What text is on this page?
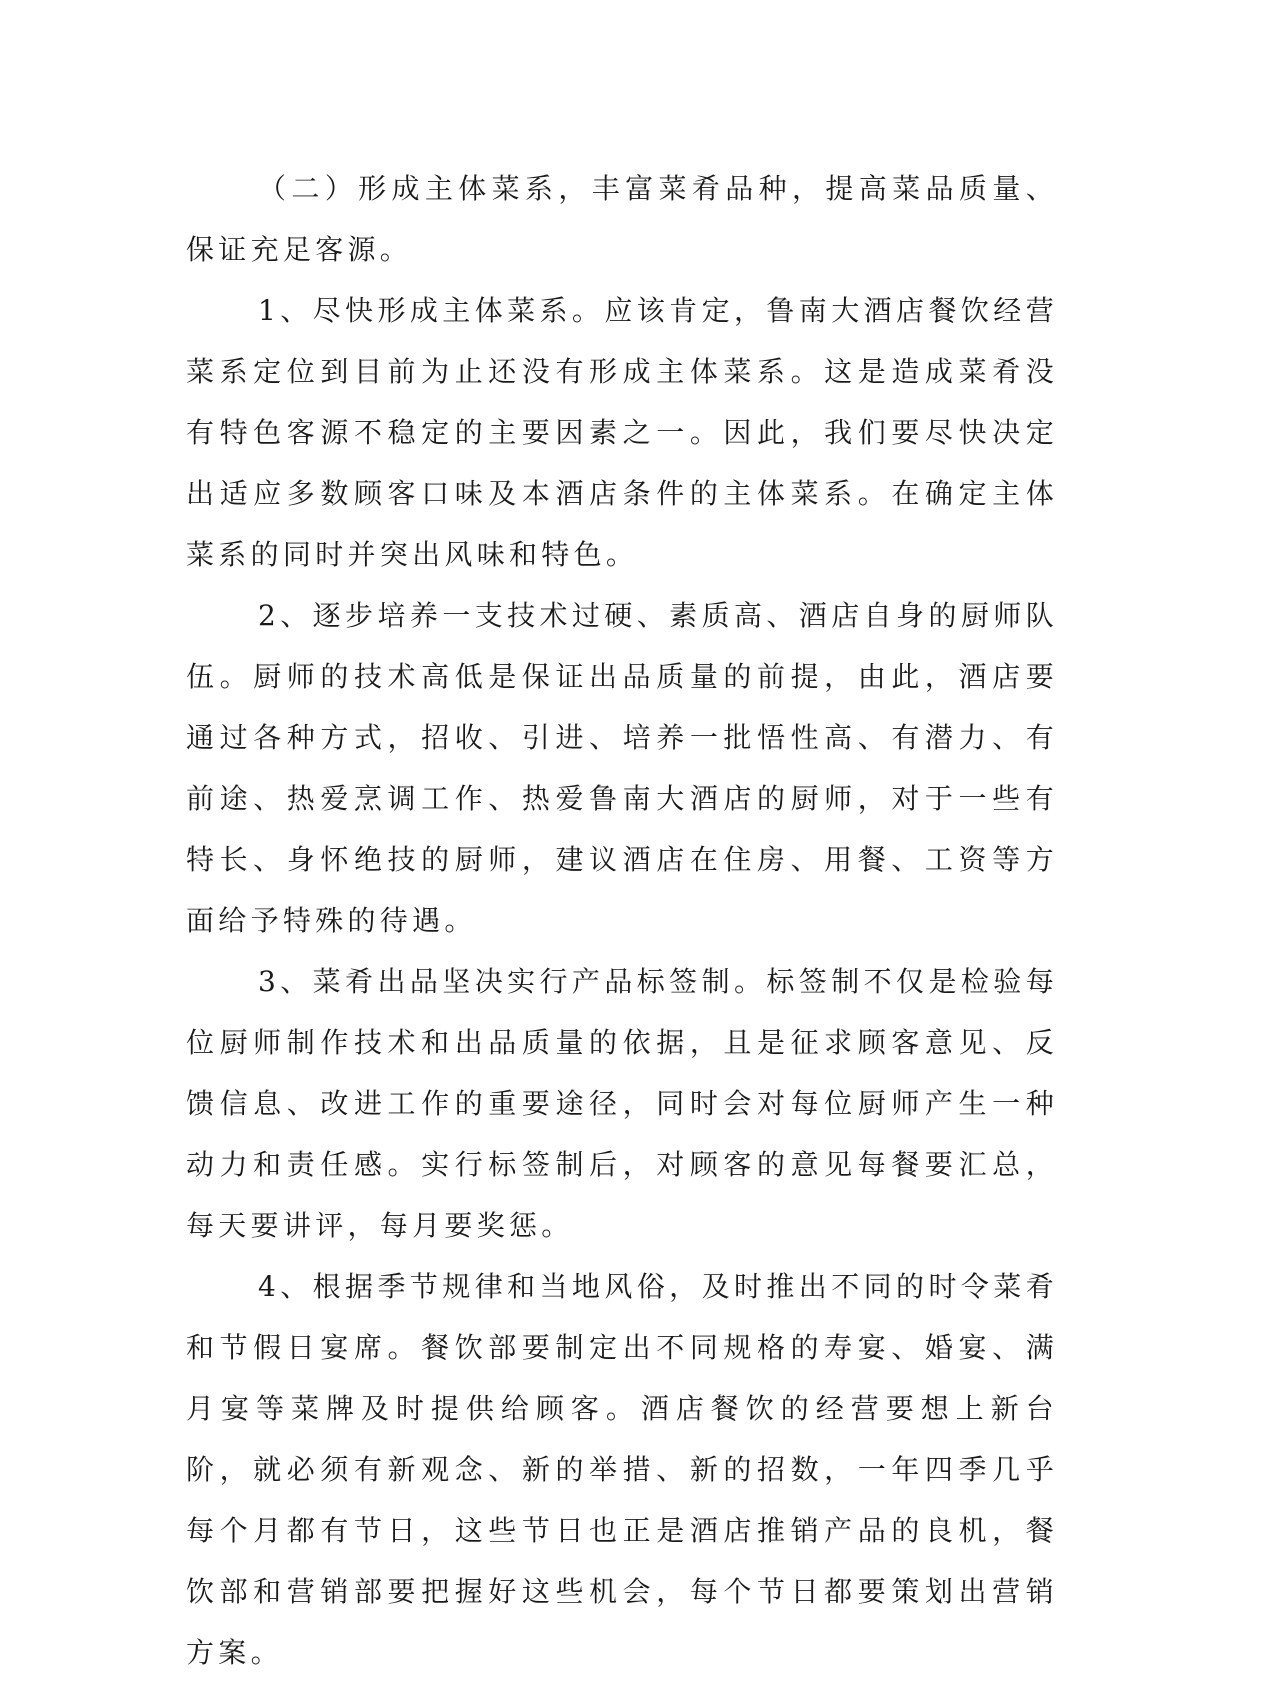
（二）形成主体菜系，丰富菜肴品种，提高菜品质量、保证充足客源。

1、尽快形成主体菜系。应该肯定，鲁南大酒店餐饮经营菜系定位到目前为止还没有形成主体菜系。这是造成菜肴没有特色客源不稳定的主要因素之一。因此，我们要尽快决定出适应多数顾客口味及本酒店条件的主体菜系。在确定主体菜系的同时并突出风味和特色。

2、逐步培养一支技术过硬、素质高、酒店自身的厨师队伍。厨师的技术高低是保证出品质量的前提，由此，酒店要通过各种方式，招收、引进、培养一批悟性高、有潜力、有前途、热爱烹调工作、热爱鲁南大酒店的厨师，对于一些有特长、身怀绝技的厨师，建议酒店在住房、用餐、工资等方面给予特殊的待遇。

3、菜肴出品坚决实行产品标签制。标签制不仅是检验每位厨师制作技术和出品质量的依据，且是征求顾客意见、反馈信息、改进工作的重要途径，同时会对每位厨师产生一种动力和责任感。实行标签制后，对顾客的意见每餐要汇总，每天要讲评，每月要奖惩。

4、根据季节规律和当地风俗，及时推出不同的时令菜肴和节假日宴席。餐饮部要制定出不同规格的寿宴、婚宴、满月宴等菜牌及时提供给顾客。酒店餐饮的经营要想上新台阶，就必须有新观念、新的举措、新的招数，一年四季几乎每个月都有节日，这些节日也正是酒店推销产品的良机，餐饮部和营销部要把握好这些机会，每个节日都要策划出营销方案。
